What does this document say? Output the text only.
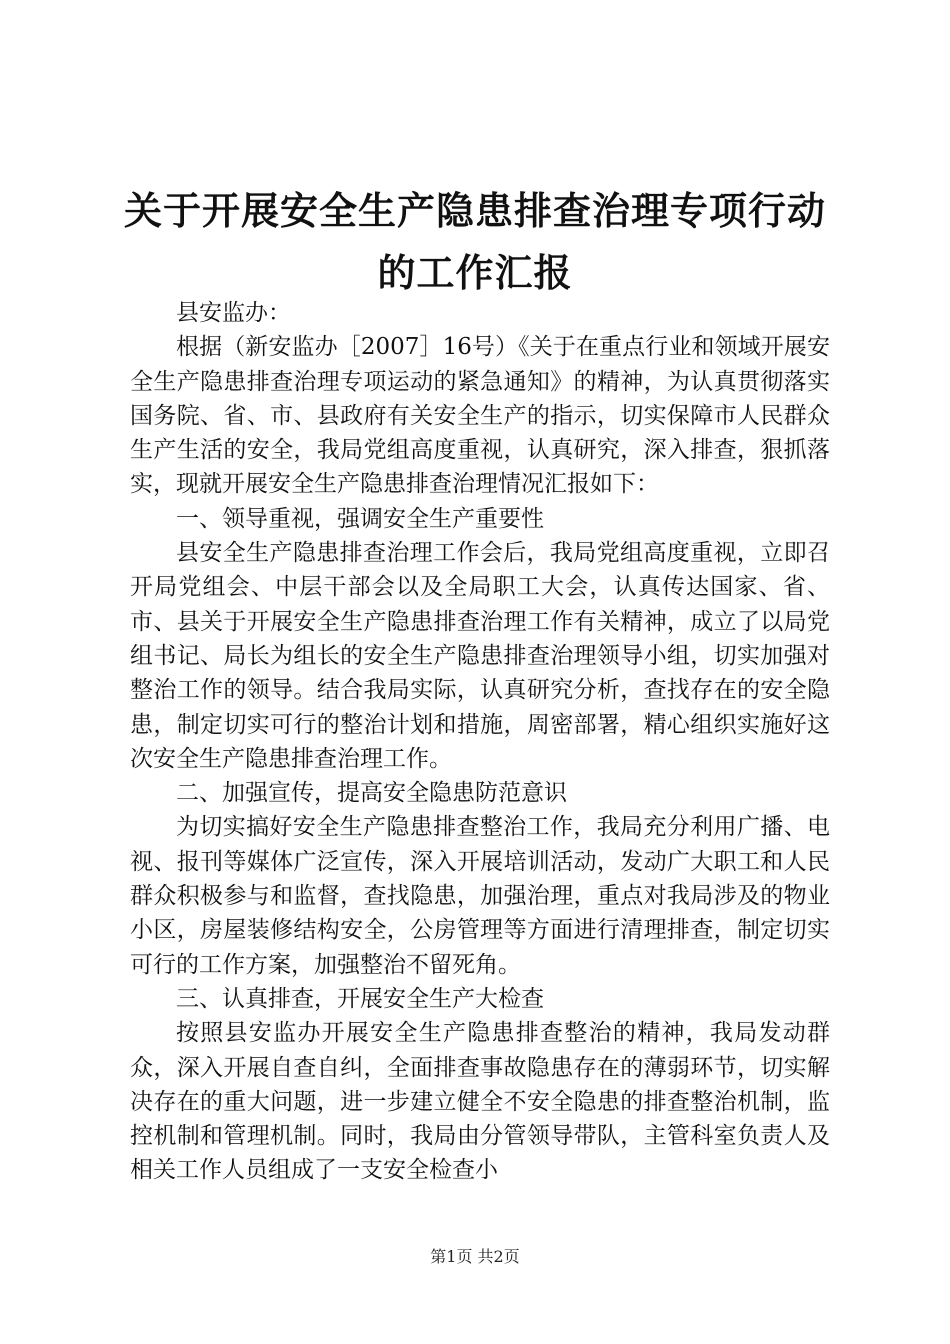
关于开展安全生产隐患排查治理专项行动的工作汇报

县安监办：

根据（新安监办［2007］16号）《关于在重点行业和领域开展安全生产隐患排查治理专项运动的紧急通知》的精神，为认真贯彻落实国务院、省、市、县政府有关安全生产的指示，切实保障市人民群众生产生活的安全，我局党组高度重视，认真研究，深入排查，狠抓落实，现就开展安全生产隐患排查治理情况汇报如下：

一、领导重视，强调安全生产重要性

县安全生产隐患排查治理工作会后，我局党组高度重视，立即召开局党组会、中层干部会以及全局职工大会，认真传达国家、省、市、县关于开展安全生产隐患排查治理工作有关精神，成立了以局党组书记、局长为组长的安全生产隐患排查治理领导小组，切实加强对整治工作的领导。结合我局实际，认真研究分析，查找存在的安全隐患，制定切实可行的整治计划和措施，周密部署，精心组织实施好这次安全生产隐患排查治理工作。

二、加强宣传，提高安全隐患防范意识

为切实搞好安全生产隐患排查整治工作，我局充分利用广播、电视、报刊等媒体广泛宣传，深入开展培训活动，发动广大职工和人民群众积极参与和监督，查找隐患，加强治理，重点对我局涉及的物业小区，房屋装修结构安全，公房管理等方面进行清理排查，制定切实可行的工作方案，加强整治不留死角。

三、认真排查，开展安全生产大检查

按照县安监办开展安全生产隐患排查整治的精神，我局发动群众，深入开展自查自纠，全面排查事故隐患存在的薄弱环节，切实解决存在的重大问题，进一步建立健全不安全隐患的排查整治机制，监控机制和管理机制。同时，我局由分管领导带队，主管科室负责人及相关工作人员组成了一支安全检查小

第1页 共2页
